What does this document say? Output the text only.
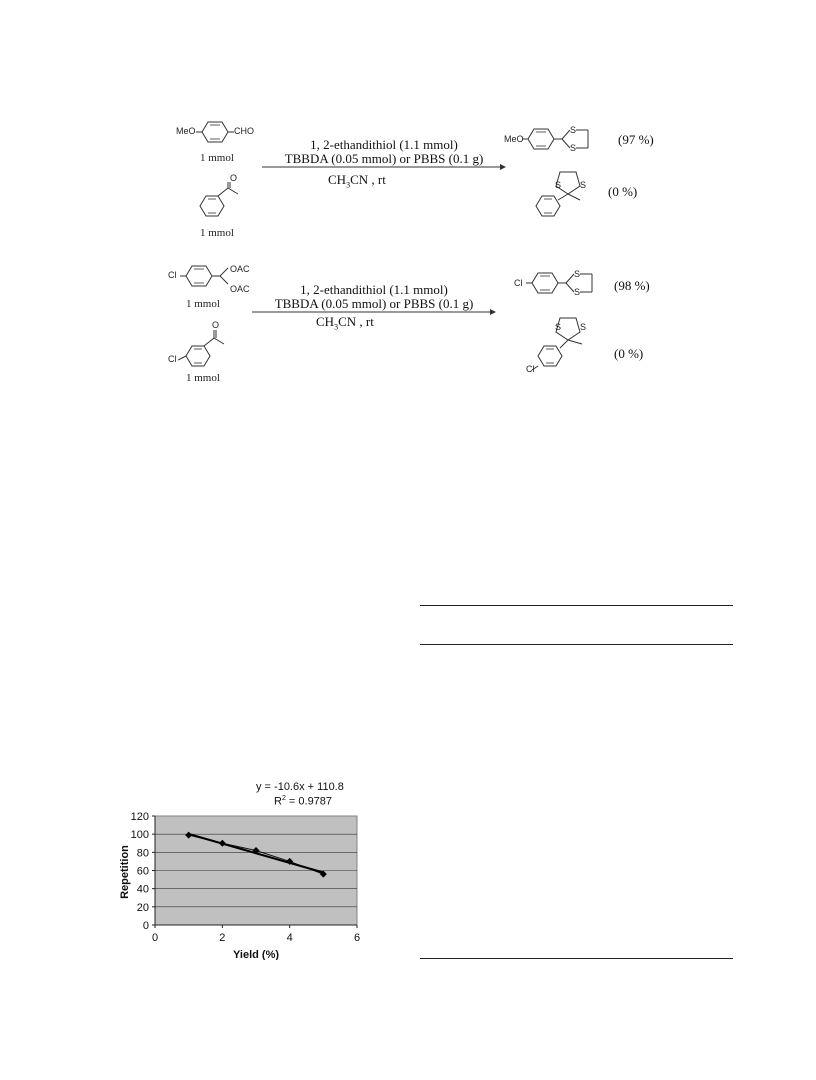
MeO	CHO
1 mmol
O
1 mmol
1, 2-ethandithiol (1.1 mmol)
TBBDA (0.05 mmol) or PBBS (0.1 g)
$CH_3CN$ , rt
MeO
S
S
(97 %)
S S (0 %)
Cl
OAC
OAC
1 mmol
O
Cl
1 mmol
1, 2-ethandithiol (1.1 mmol)
TBBDA (0.05 mmol) or PBBS (0.1 g)
$CH_3CN$ , rt
Cl
S
S	(98 %)
S S
Cl
(0 %)
y = -10.6x + 110.8
$R^2 = 0.9787$
0
20
40
60
80
100
120
0	2	4	6
Repetition
Yield (%)
